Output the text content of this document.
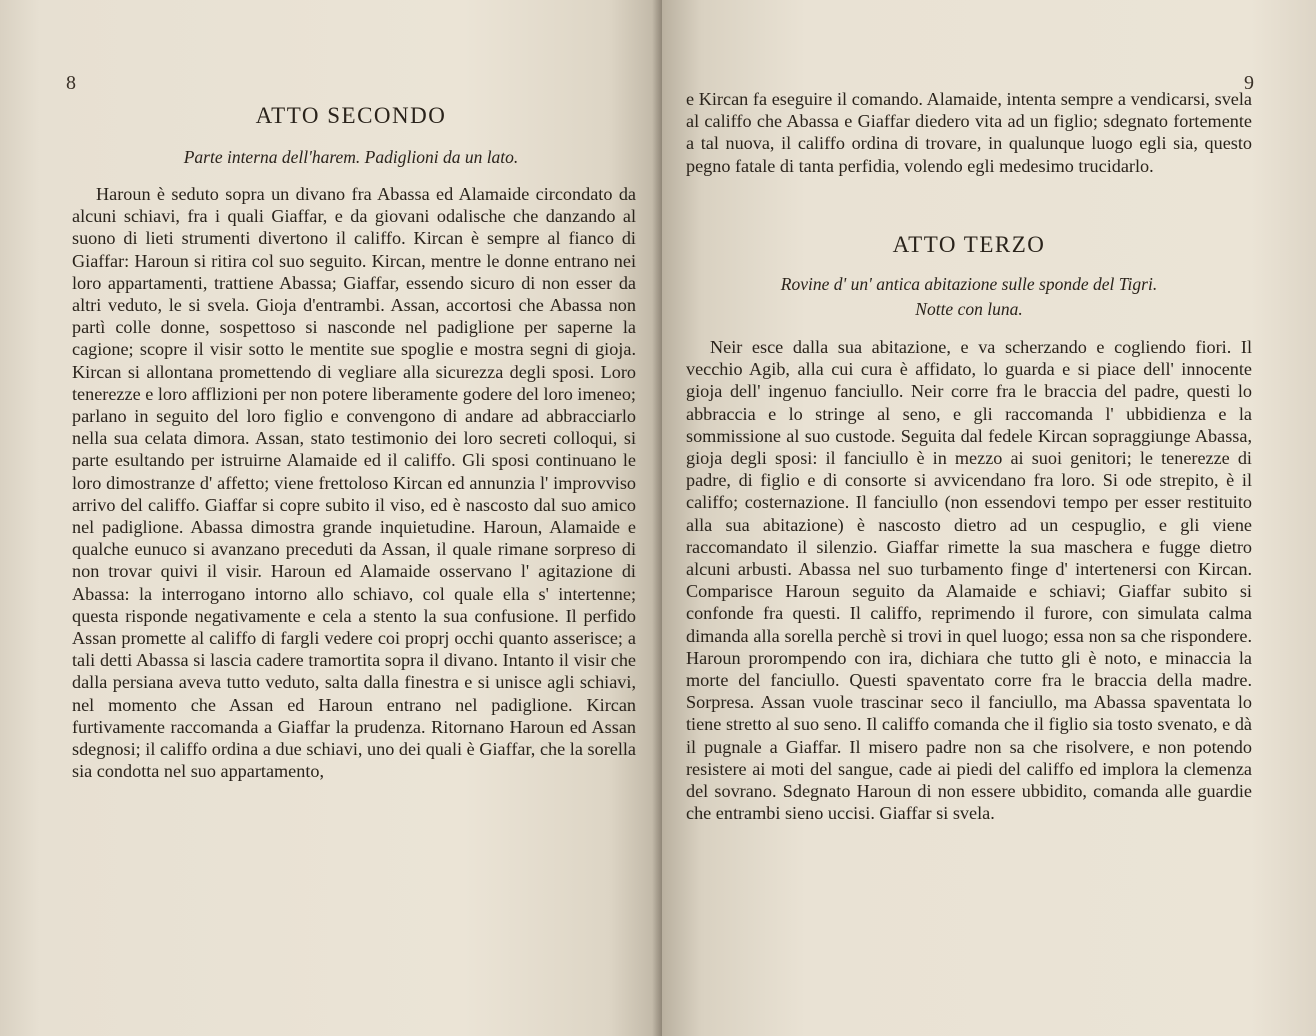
8
ATTO SECONDO
Parte interna dell'harem. Padiglioni da un lato.

Haroun è seduto sopra un divano fra Abassa ed Alamaide circondato da alcuni schiavi, fra i quali Giaffar, e da giovani odalische che danzando al suono di lieti strumenti divertono il califfo. Kircan è sempre al fianco di Giaffar: Haroun si ritira col suo seguito. Kircan, mentre le donne entrano nei loro appartamenti, trattiene Abassa; Giaffar, essendo sicuro di non esser da altri veduto, le si svela. Gioja d'entrambi. Assan, accortosi che Abassa non partì colle donne, sospettoso si nasconde nel padiglione per saperne la cagione; scopre il visir sotto le mentite sue spoglie e mostra segni di gioja. Kircan si allontana promettendo di vegliare alla sicurezza degli sposi. Loro tenerezze e loro afflizioni per non potere liberamente godere del loro imeneo; parlano in seguito del loro figlio e convengono di andare ad abbracciarlo nella sua celata dimora. Assan, stato testimonio dei loro secreti colloqui, si parte esultando per istruirne Alamaide ed il califfo. Gli sposi continuano le loro dimostranze d' affetto; viene frettoloso Kircan ed annunzia l' improvviso arrivo del califfo. Giaffar si copre subito il viso, ed è nascosto dal suo amico nel padiglione. Abassa dimostra grande inquietudine. Haroun, Alamaide e qualche eunuco si avanzano preceduti da Assan, il quale rimane sorpreso di non trovar quivi il visir. Haroun ed Alamaide osservano l' agitazione di Abassa: la interrogano intorno allo schiavo, col quale ella s' intertenne; questa risponde negativamente e cela a stento la sua confusione. Il perfido Assan promette al califfo di fargli vedere coi proprj occhi quanto asserisce; a tali detti Abassa si lascia cadere tramortita sopra il divano. Intanto il visir che dalla persiana aveva tutto veduto, salta dalla finestra e si unisce agli schiavi, nel momento che Assan ed Haroun entrano nel padiglione. Kircan furtivamente raccomanda a Giaffar la prudenza. Ritornano Haroun ed Assan sdegnosi; il califfo ordina a due schiavi, uno dei quali è Giaffar, che la sorella sia condotta nel suo appartamento,

9

e Kircan fa eseguire il comando. Alamaide, intenta sempre a vendicarsi, svela al califfo che Abassa e Giaffar diedero vita ad un figlio; sdegnato fortemente a tal nuova, il califfo ordina di trovare, in qualunque luogo egli sia, questo pegno fatale di tanta perfidia, volendo egli medesimo trucidarlo.

ATTO TERZO
Rovine d' un' antica abitazione sulle sponde del Tigri.
Notte con luna.

Neir esce dalla sua abitazione, e va scherzando e cogliendo fiori. Il vecchio Agib, alla cui cura è affidato, lo guarda e si piace dell' innocente gioja dell' ingenuo fanciullo. Neir corre fra le braccia del padre, questi lo abbraccia e lo stringe al seno, e gli raccomanda l' ubbidienza e la sommissione al suo custode. Seguita dal fedele Kircan sopraggiunge Abassa, gioja degli sposi: il fanciullo è in mezzo ai suoi genitori; le tenerezze di padre, di figlio e di consorte si avvicendano fra loro. Si ode strepito, è il califfo; costernazione. Il fanciullo (non essendovi tempo per esser restituito alla sua abitazione) è nascosto dietro ad un cespuglio, e gli viene raccomandato il silenzio. Giaffar rimette la sua maschera e fugge dietro alcuni arbusti. Abassa nel suo turbamento finge d' intertenersi con Kircan. Comparisce Haroun seguito da Alamaide e schiavi; Giaffar subito si confonde fra questi. Il califfo, reprimendo il furore, con simulata calma dimanda alla sorella perchè si trovi in quel luogo; essa non sa che rispondere. Haroun prorompendo con ira, dichiara che tutto gli è noto, e minaccia la morte del fanciullo. Questi spaventato corre fra le braccia della madre. Sorpresa. Assan vuole trascinar seco il fanciullo, ma Abassa spaventata lo tiene stretto al suo seno. Il califfo comanda che il figlio sia tosto svenato, e dà il pugnale a Giaffar. Il misero padre non sa che risolvere, e non potendo resistere ai moti del sangue, cade ai piedi del califfo ed implora la clemenza del sovrano. Sdegnato Haroun di non essere ubbidito, comanda alle guardie che entrambi sieno uccisi. Giaffar si svela.
